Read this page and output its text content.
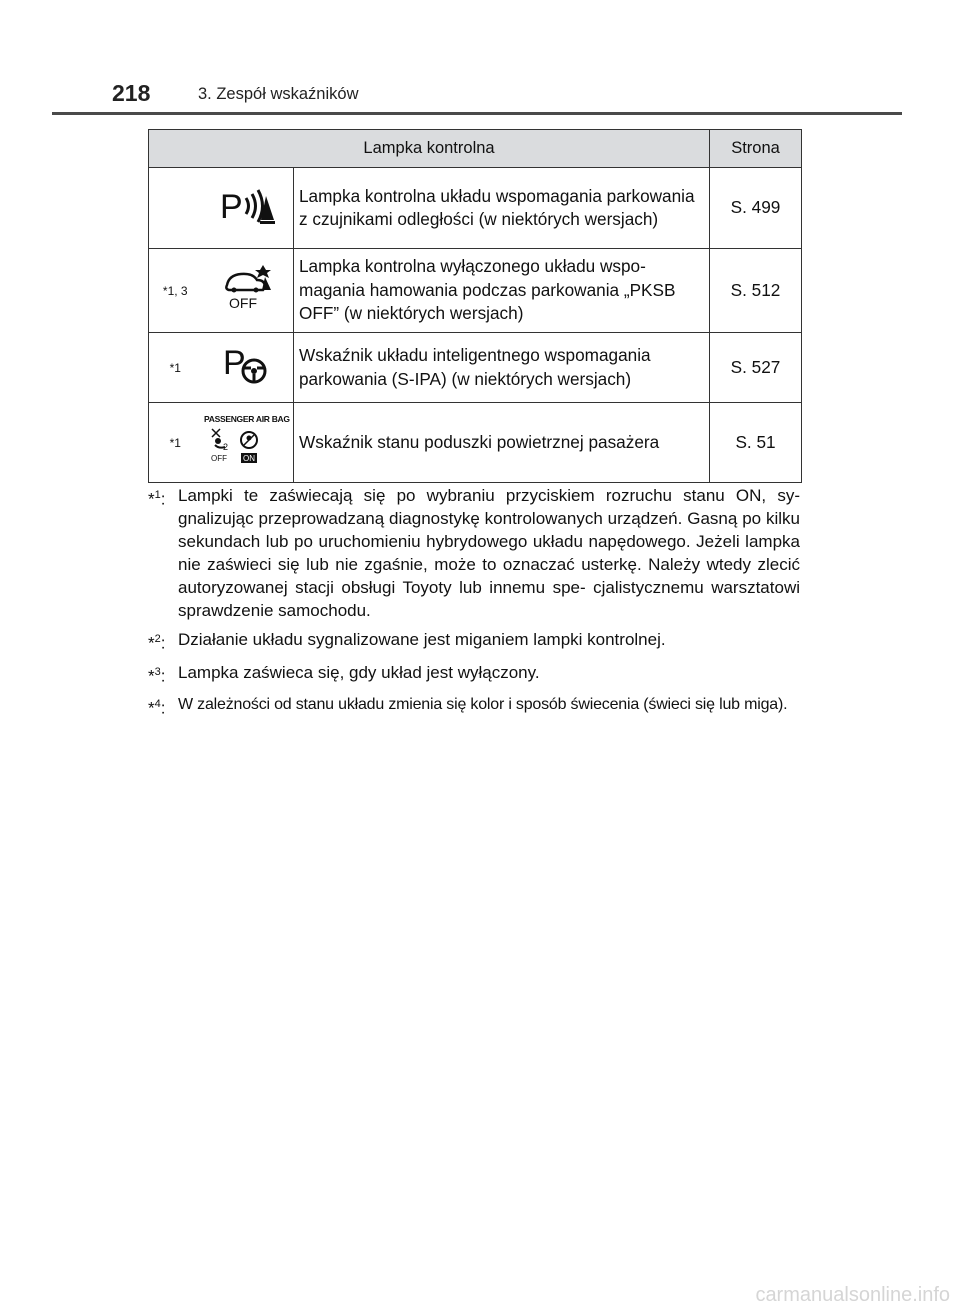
218	3. Zespół wskaźników
Lampka kontrolna			Strona

P	Lampka kontrolna układu wspomagania parkowania z czujnikami odległości (w niektórych wersjach)	S. 499
*1, 3	OFF	Lampka kontrolna wyłączonego układu wspo- magania hamowania podczas parkowania „PKSB OFF” (w niektórych wersjach)	S. 512
*1	P	Wskaźnik układu inteligentnego wspomagania parkowania (S-IPA) (w niektórych wersjach)	S. 527
*1	PASSENGER AIR BAG
2
OFF ON	Wskaźnik stanu poduszki powietrznej pasażera	S. 51
*$^1$: Lampki te zaświecają się po wybraniu przyciskiem rozruchu stanu ON, sy- gnalizując przeprowadzaną diagnostykę kontrolowanych urządzeń. Gasną po kilku sekundach lub po uruchomieniu hybrydowego układu napędowego. Jeżeli lampka nie zaświeci się lub nie zgaśnie, może to oznaczać usterkę. Należy wtedy zlecić autoryzowanej stacji obsługi Toyoty lub innemu spe- cjalistycznemu warsztatowi sprawdzenie samochodu.
*$^2$: Działanie układu sygnalizowane jest miganiem lampki kontrolnej.
*$^3$: Lampka zaświeca się, gdy układ jest wyłączony.
*$^4$: W zależności od stanu układu zmienia się kolor i sposób świecenia (świeci się lub miga).
carmanualsonline.info
